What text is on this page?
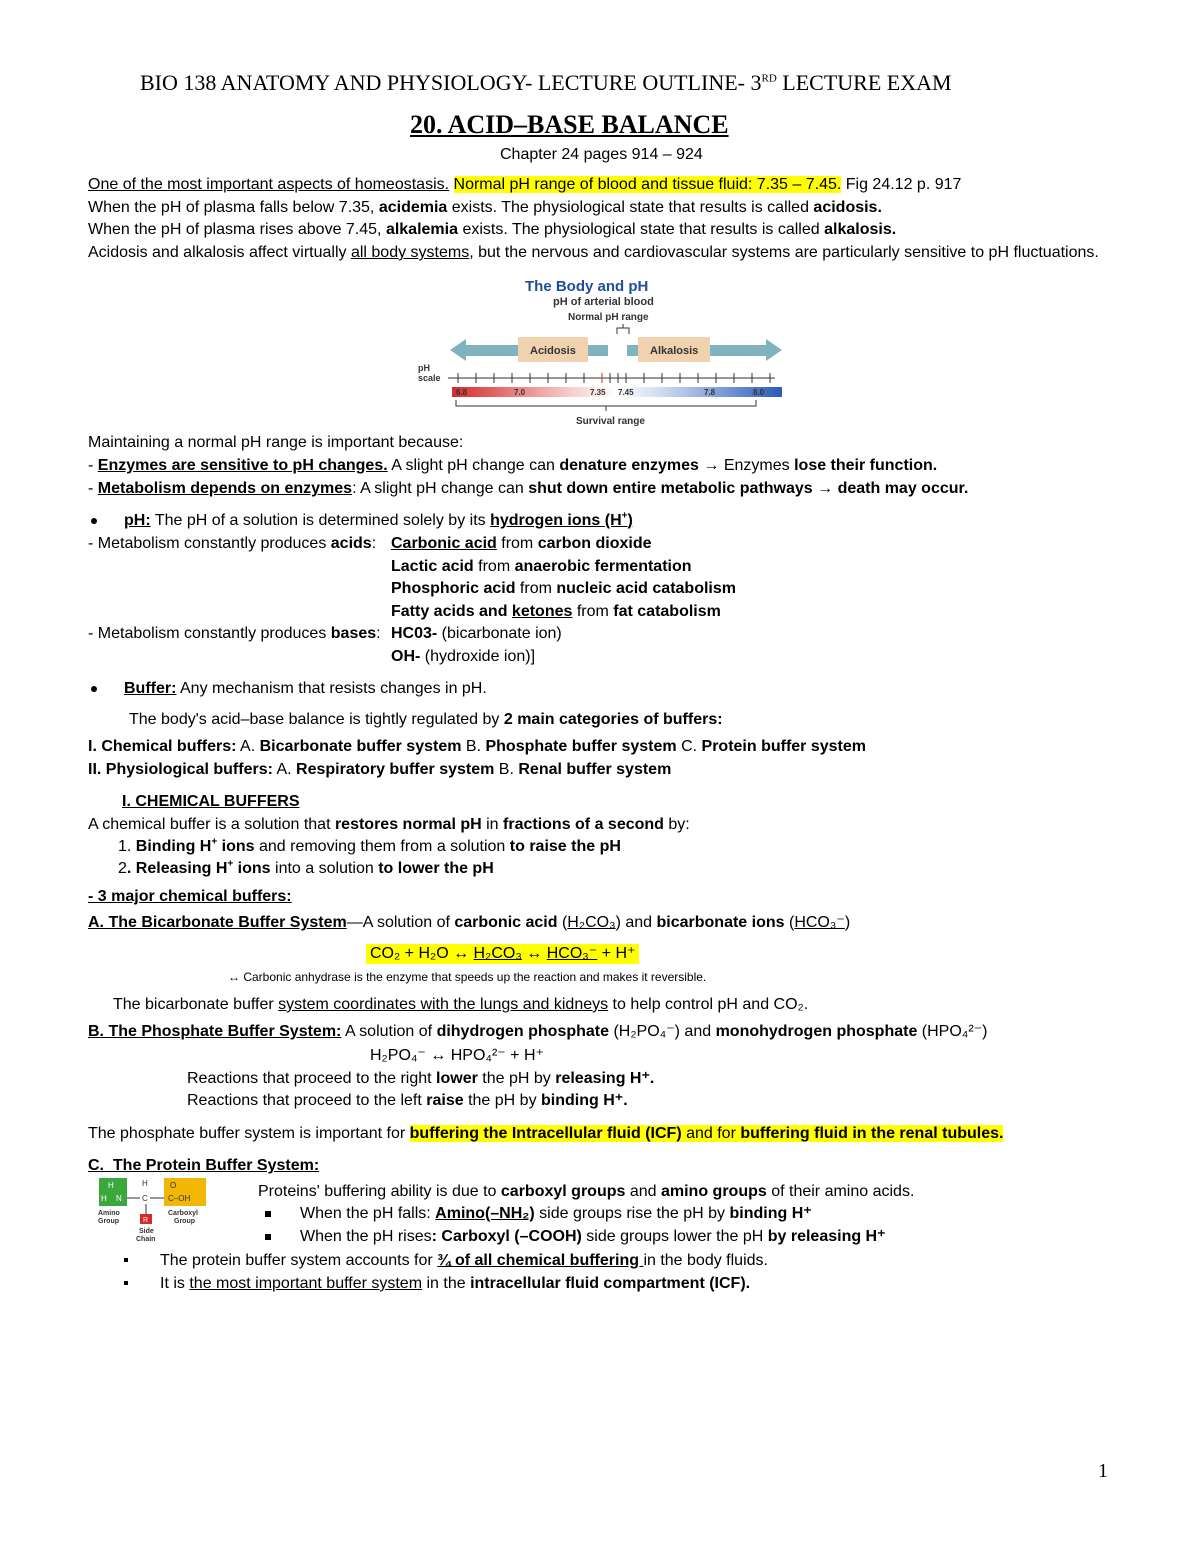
BIO 138 ANATOMY AND PHYSIOLOGY- LECTURE OUTLINE- 3RD LECTURE EXAM
20. ACID–BASE BALANCE
Chapter 24 pages 914 – 924
One of the most important aspects of homeostasis. Normal pH range of blood and tissue fluid: 7.35 – 7.45. Fig 24.12 p. 917
When the pH of plasma falls below 7.35, acidemia exists. The physiological state that results is called acidosis.
When the pH of plasma rises above 7.45, alkalemia exists. The physiological state that results is called alkalosis.
Acidosis and alkalosis affect virtually all body systems, but the nervous and cardiovascular systems are particularly sensitive to pH fluctuations.
The Body and pH
pH of arterial blood
Normal pH range
Acidosis	Alkalosis
pH
scale
6.8	7.0	7.35 7.45	7.8	8.0
Survival range
Maintaining a normal pH range is important because:
- Enzymes are sensitive to pH changes. A slight pH change can denature enzymes → Enzymes lose their function.
- Metabolism depends on enzymes: A slight pH change can shut down entire metabolic pathways → death may occur.
pH: The pH of a solution is determined solely by its hydrogen ions (H+)
- Metabolism constantly produces acids: Carbonic acid from carbon dioxide
Lactic acid from anaerobic fermentation
Phosphoric acid from nucleic acid catabolism
Fatty acids and ketones from fat catabolism
- Metabolism constantly produces bases: HC03- (bicarbonate ion)
OH- (hydroxide ion)]
Buffer: Any mechanism that resists changes in pH.
The body's acid–base balance is tightly regulated by 2 main categories of buffers:
I. Chemical buffers: A. Bicarbonate buffer system B. Phosphate buffer system C. Protein buffer system
II. Physiological buffers: A. Respiratory buffer system B. Renal buffer system
I. CHEMICAL BUFFERS
A chemical buffer is a solution that restores normal pH in fractions of a second by:
1. Binding H+ ions and removing them from a solution to raise the pH
2. Releasing H+ ions into a solution to lower the pH
- 3 major chemical buffers:
A. The Bicarbonate Buffer System—A solution of carbonic acid (H₂CO₃) and bicarbonate ions (HCO₃⁻)
CO₂ + H₂O ↔ H₂CO₃ ↔ HCO₃⁻ + H⁺
↔ Carbonic anhydrase is the enzyme that speeds up the reaction and makes it reversible.
The bicarbonate buffer system coordinates with the lungs and kidneys to help control pH and CO₂.
B. The Phosphate Buffer System: A solution of dihydrogen phosphate (H₂PO₄⁻) and monohydrogen phosphate (HPO₄²⁻)
H₂PO₄⁻ ↔ HPO₄²⁻ + H⁺
Reactions that proceed to the right lower the pH by releasing H⁺.
Reactions that proceed to the left raise the pH by binding H⁺.
The phosphate buffer system is important for buffering the Intracellular fluid (ICF) and for buffering fluid in the renal tubules.
C. The Protein Buffer System:
H
H N
H
C
O
C–OH
Amino
Group
Carboxyl
Group
R
Side
Chain
Proteins' buffering ability is due to carboxyl groups and amino groups of their amino acids.
When the pH falls: Amino(–NH₂) side groups rise the pH by binding H⁺
When the pH rises: Carboxyl (–COOH) side groups lower the pH by releasing H⁺
The protein buffer system accounts for ¾ of all chemical buffering in the body fluids.
It is the most important buffer system in the intracellular fluid compartment (ICF).
1
